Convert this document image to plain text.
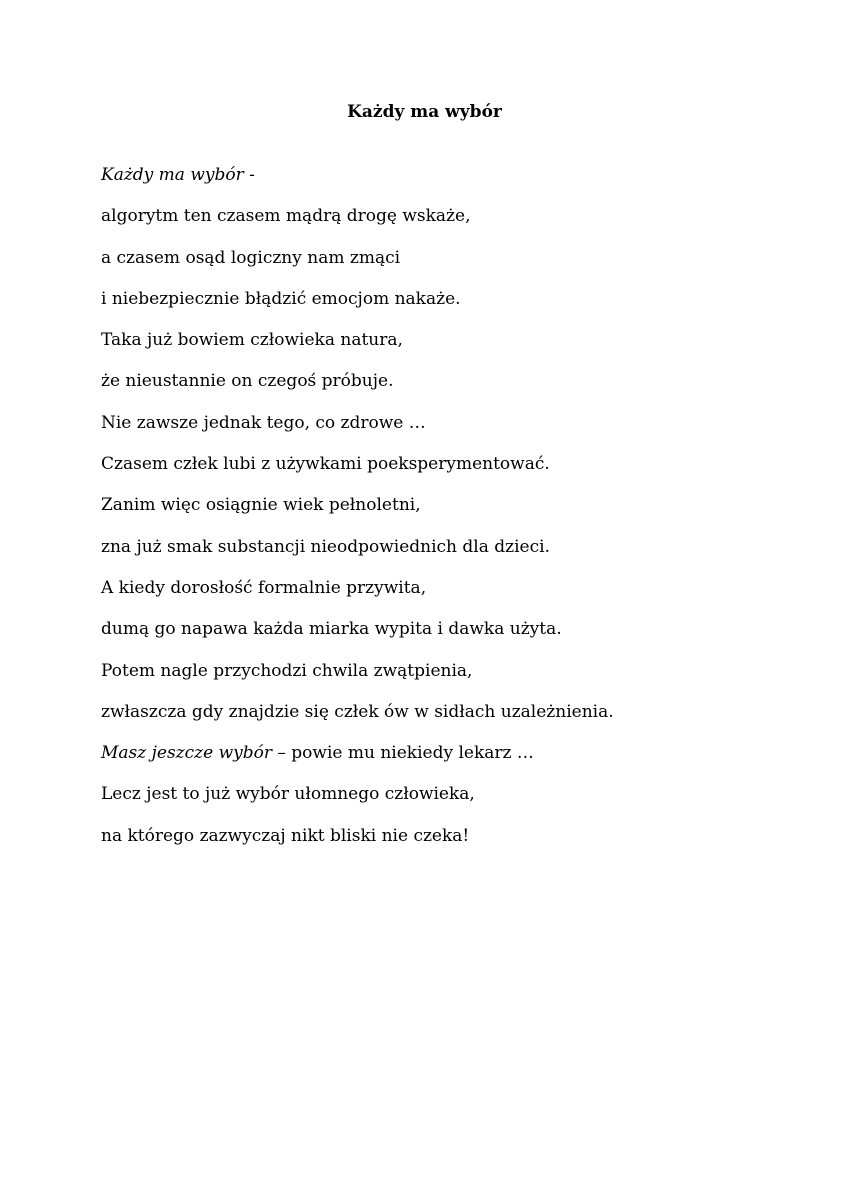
Każdy ma wybór
Każdy ma wybór -
algorytm ten czasem mądrą drogę wskaże,
a czasem osąd logiczny nam zmąci
i niebezpiecznie błądzić emocjom nakaże.
Taka już bowiem człowieka natura,
że nieustannie on czegoś próbuje.
Nie zawsze jednak tego, co zdrowe …
Czasem człek lubi z używkami poeksperymentować.
Zanim więc osiągnie wiek pełnoletni,
zna już smak substancji nieodpowiednich dla dzieci.
A kiedy dorosłość formalnie przywita,
dumą go napawa każda miarka wypita i dawka użyta.
Potem nagle przychodzi chwila zwątpienia,
zwłaszcza gdy znajdzie się człek ów w sidłach uzależnienia.
Masz jeszcze wybór – powie mu niekiedy lekarz …
Lecz jest to już wybór ułomnego człowieka,
na którego zazwyczaj nikt bliski nie czeka!
